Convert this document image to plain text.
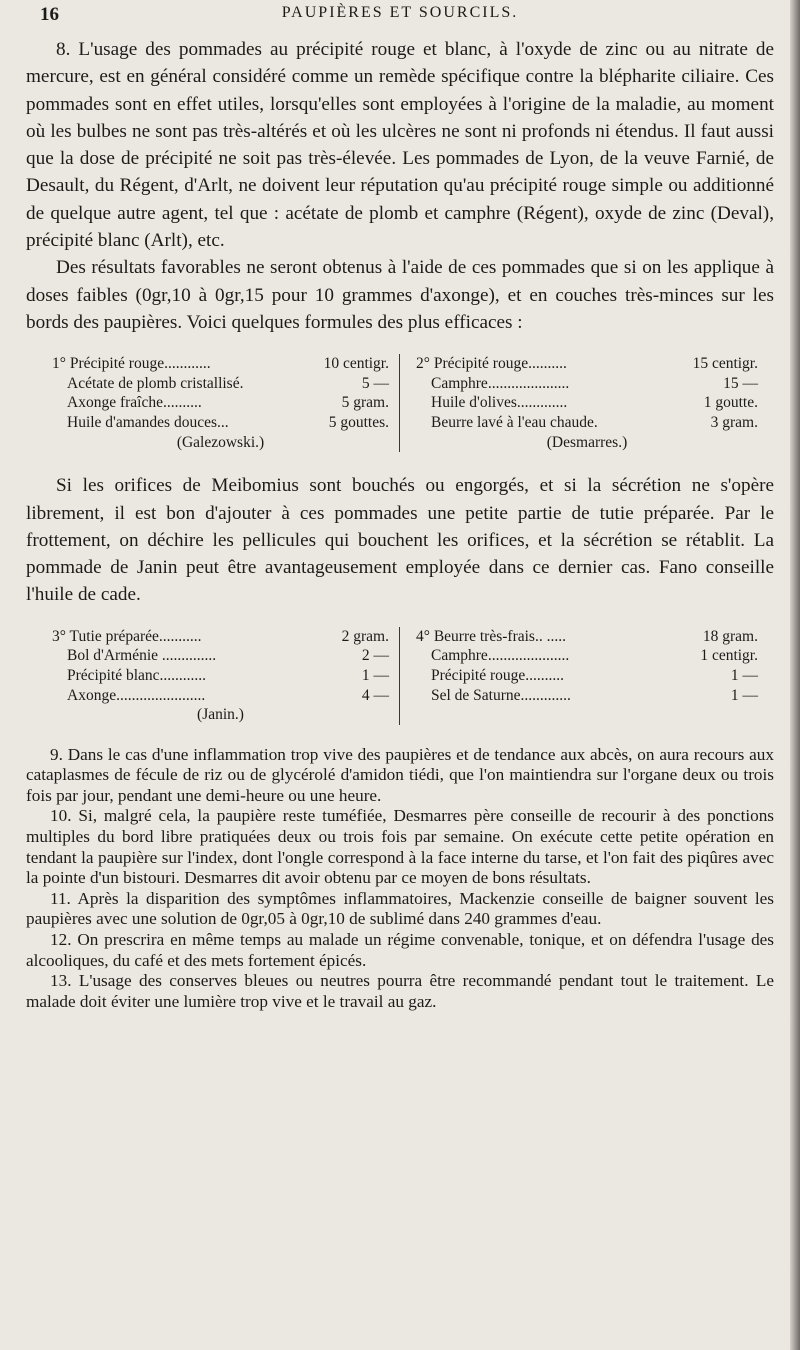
16	PAUPIÈRES ET SOURCILS.

8. L'usage des pommades au précipité rouge et blanc, à l'oxyde de zinc ou au nitrate de mercure, est en général considéré comme un remède spécifique contre la blépharite ciliaire. Ces pommades sont en effet utiles, lorsqu'elles sont employées à l'origine de la maladie, au moment où les bulbes ne sont pas très-altérés et où les ulcères ne sont ni profonds ni étendus. Il faut aussi que la dose de précipité ne soit pas très-élevée. Les pommades de Lyon, de la veuve Farnié, de Desault, du Régent, d'Arlt, ne doivent leur réputation qu'au précipité rouge simple ou additionné de quelque autre agent, tel que : acétate de plomb et camphre (Régent), oxyde de zinc (Deval), précipité blanc (Arlt), etc.

Des résultats favorables ne seront obtenus à l'aide de ces pommades que si on les applique à doses faibles (0gr,10 à 0gr,15 pour 10 grammes d'axonge), et en couches très-minces sur les bords des paupières. Voici quelques formules des plus efficaces :

1° Précipité rouge............	10 centigr.
Acétate de plomb cristallisé.	5 —
Axonge fraîche..........	5 gram.
Huile d'amandes douces...	5 gouttes.
(Galezowski.)
2° Précipité rouge..........	15 centigr.
Camphre.....................	15 —
Huile d'olives.............	1 goutte.
Beurre lavé à l'eau chaude.	3 gram.
(Desmarres.)

Si les orifices de Meibomius sont bouchés ou engorgés, et si la sécrétion ne s'opère librement, il est bon d'ajouter à ces pommades une petite partie de tutie préparée. Par le frottement, on déchire les pellicules qui bouchent les orifices, et la sécrétion se rétablit. La pommade de Janin peut être avantageusement employée dans ce dernier cas. Fano conseille l'huile de cade.

3° Tutie préparée...........	2 gram.
Bol d'Arménie ..............	2 —
Précipité blanc............	1 —
Axonge.......................	4 —
(Janin.)
4° Beurre très-frais.. .....	18 gram.
Camphre.....................	1 centigr.
Précipité rouge..........	1 —
Sel de Saturne.............	1 —

9. Dans le cas d'une inflammation trop vive des paupières et de tendance aux abcès, on aura recours aux cataplasmes de fécule de riz ou de glycérolé d'amidon tiédi, que l'on maintiendra sur l'organe deux ou trois fois par jour, pendant une demi-heure ou une heure.

10. Si, malgré cela, la paupière reste tuméfiée, Desmarres père conseille de recourir à des ponctions multiples du bord libre pratiquées deux ou trois fois par semaine. On exécute cette petite opération en tendant la paupière sur l'index, dont l'ongle correspond à la face interne du tarse, et l'on fait des piqûres avec la pointe d'un bistouri. Desmarres dit avoir obtenu par ce moyen de bons résultats.

11. Après la disparition des symptômes inflammatoires, Mackenzie conseille de baigner souvent les paupières avec une solution de 0gr,05 à 0gr,10 de sublimé dans 240 grammes d'eau.

12. On prescrira en même temps au malade un régime convenable, tonique, et on défendra l'usage des alcooliques, du café et des mets fortement épicés.

13. L'usage des conserves bleues ou neutres pourra être recommandé pendant tout le traitement. Le malade doit éviter une lumière trop vive et le travail au gaz.
